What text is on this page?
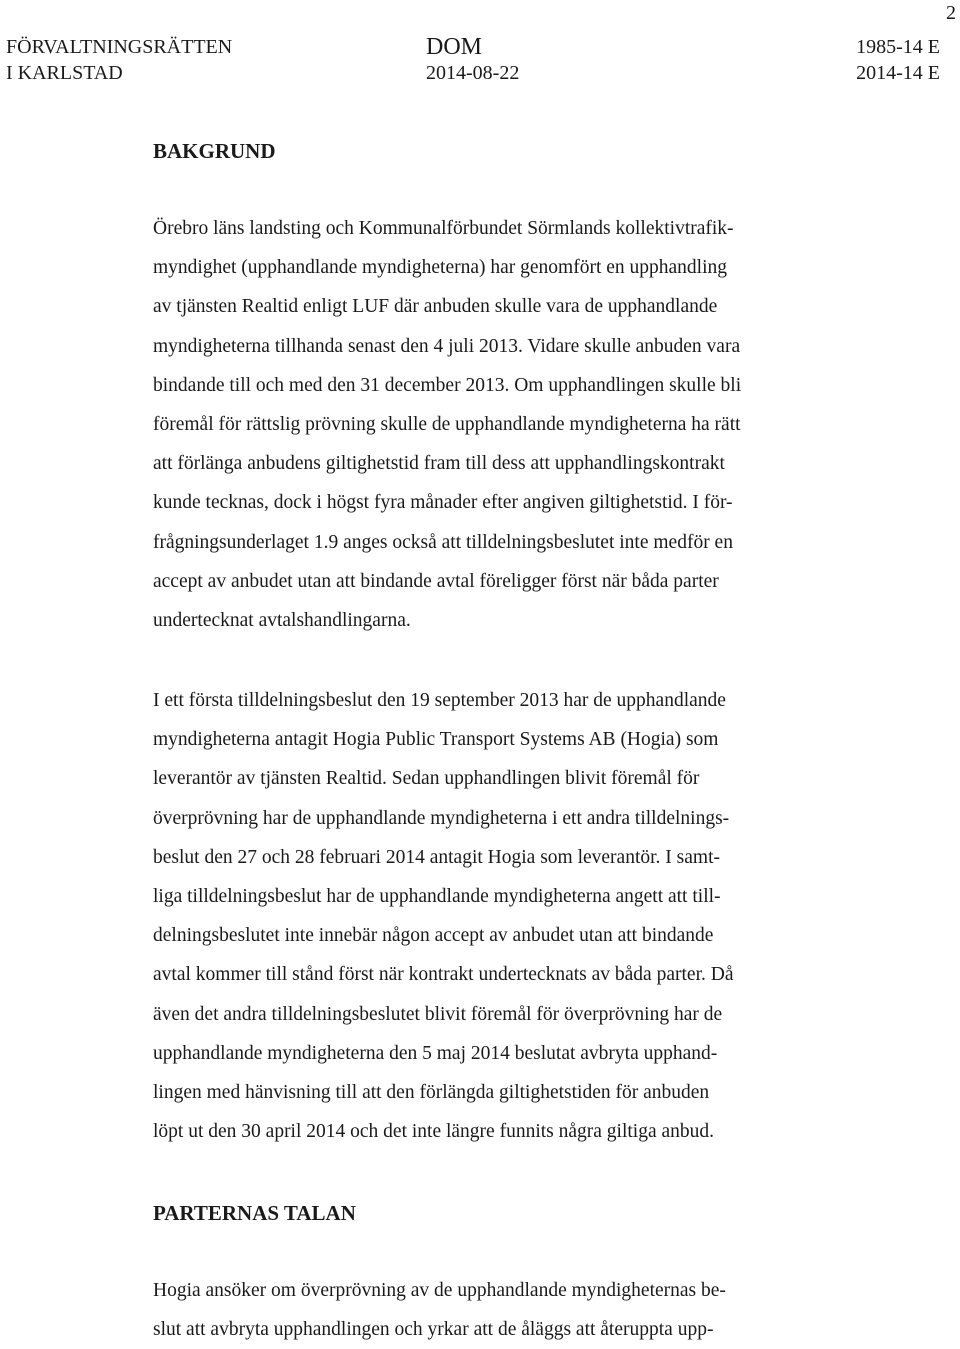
2
FÖRVALTNINGSRÄTTEN
I KARLSTAD
DOM
2014-08-22
1985-14 E
2014-14 E
BAKGRUND
Örebro läns landsting och Kommunalförbundet Sörmlands kollektivtrafik-
myndighet (upphandlande myndigheterna) har genomfört en upphandling
av tjänsten Realtid enligt LUF där anbuden skulle vara de upphandlande
myndigheterna tillhanda senast den 4 juli 2013. Vidare skulle anbuden vara
bindande till och med den 31 december 2013. Om upphandlingen skulle bli
föremål för rättslig prövning skulle de upphandlande myndigheterna ha rätt
att förlänga anbudens giltighetstid fram till dess att upphandlingskontrakt
kunde tecknas, dock i högst fyra månader efter angiven giltighetstid. I för-
frågningsunderlaget 1.9 anges också att tilldelningsbeslutet inte medför en
accept av anbudet utan att bindande avtal föreligger först när båda parter
undertecknat avtalshandlingarna.
I ett första tilldelningsbeslut den 19 september 2013 har de upphandlande
myndigheterna antagit Hogia Public Transport Systems AB (Hogia) som
leverantör av tjänsten Realtid. Sedan upphandlingen blivit föremål för
överprövning har de upphandlande myndigheterna i ett andra tilldelnings-
beslut den 27 och 28 februari 2014 antagit Hogia som leverantör. I samt-
liga tilldelningsbeslut har de upphandlande myndigheterna angett att till-
delningsbeslutet inte innebär någon accept av anbudet utan att bindande
avtal kommer till stånd först när kontrakt undertecknats av båda parter. Då
även det andra tilldelningsbeslutet blivit föremål för överprövning har de
upphandlande myndigheterna den 5 maj 2014 beslutat avbryta upphand-
lingen med hänvisning till att den förlängda giltighetstiden för anbuden
löpt ut den 30 april 2014 och det inte längre funnits några giltiga anbud.
PARTERNAS TALAN
Hogia ansöker om överprövning av de upphandlande myndigheternas be-
slut att avbryta upphandlingen och yrkar att de åläggs att återuppta upp-
